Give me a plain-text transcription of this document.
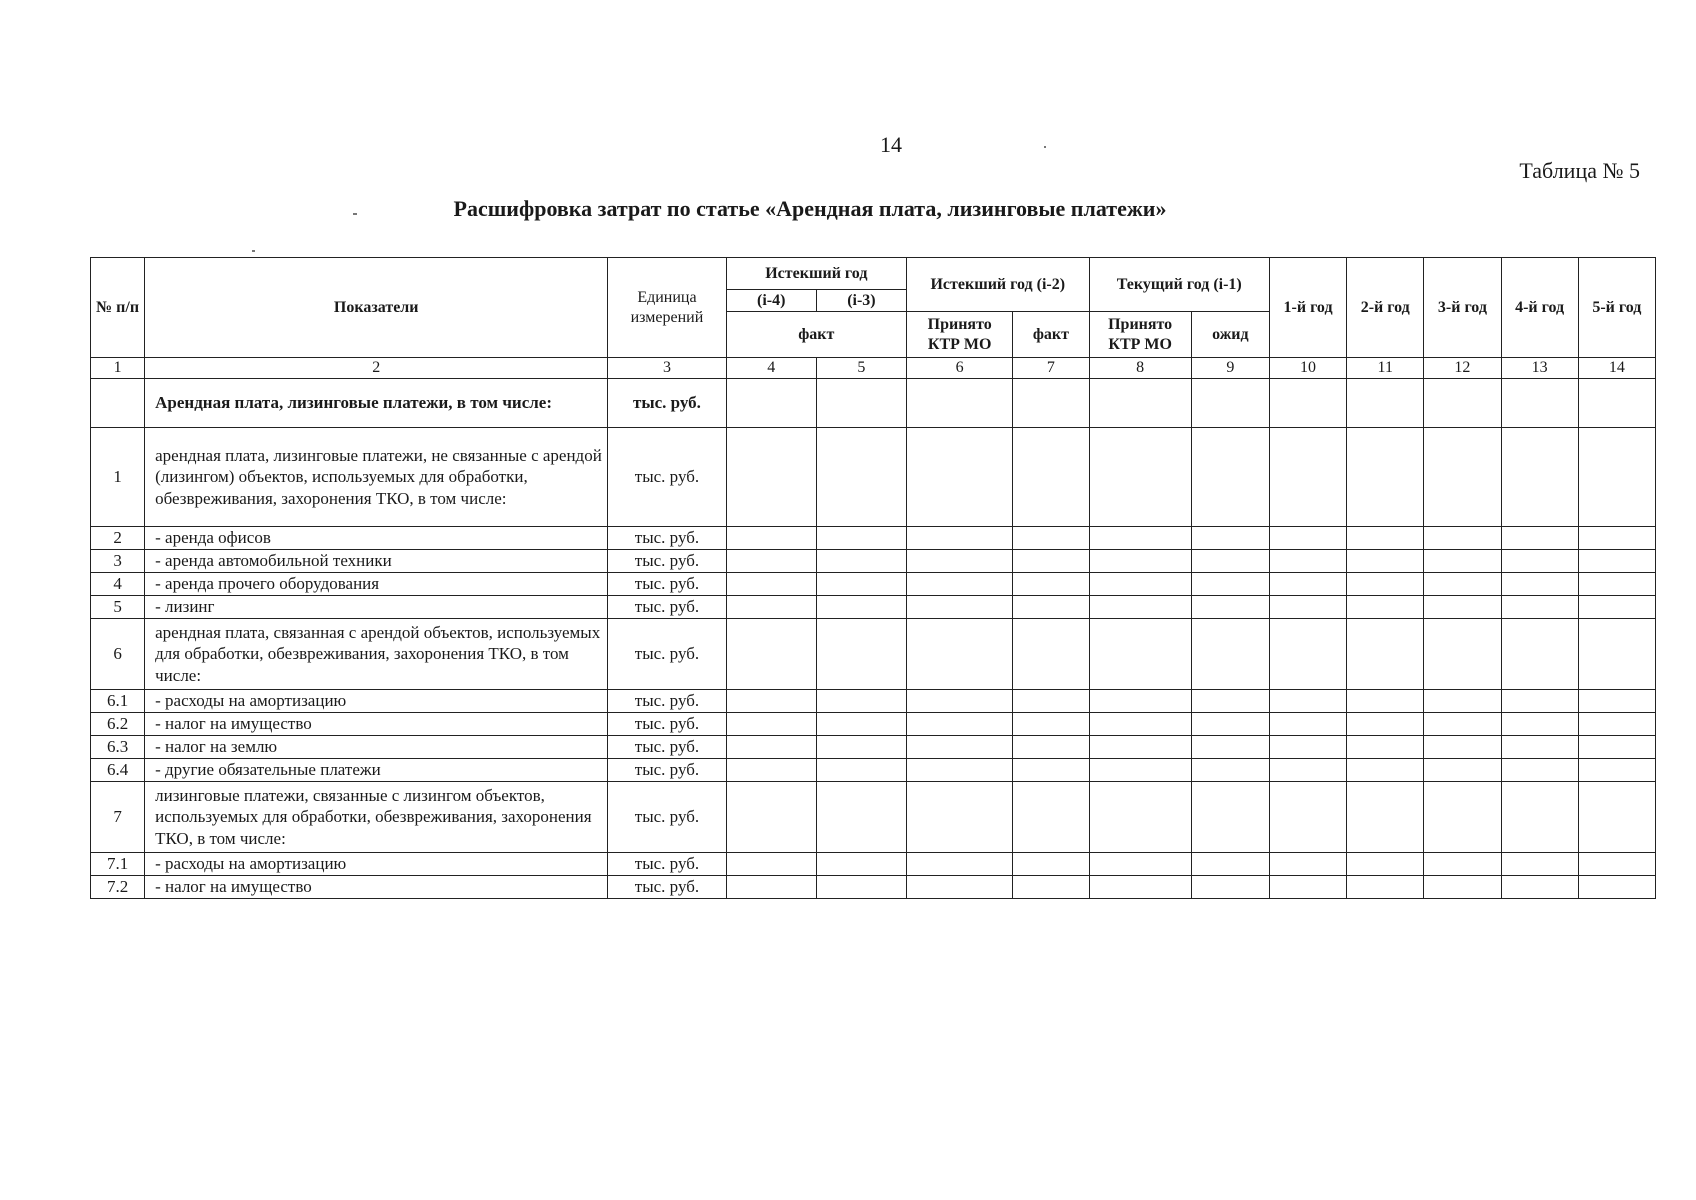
14
Таблица № 5
Расшифровка затрат по статье «Арендная плата, лизинговые платежи»
№ п/п	Показатели	Единица измерений	Истекший год		Истекший год (i-2)		Текущий год (i-1)		1-й год	2-й год	3-й год	4-й год	5-й год
			(i-4)	(i-3)									
			факт		Принято КТР МО	факт	Принято КТР МО	ожид					
1	2	3	4	5	6	7	8	9	10	11	12	13	14
	Арендная плата, лизинговые платежи, в том числе:	тыс. руб.											
1	арендная плата, лизинговые платежи, не связанные с арендой (лизингом) объектов, используемых для обработки, обезвреживания, захоронения ТКО, в том числе:	тыс. руб.											
2	- аренда офисов	тыс. руб.											
3	- аренда автомобильной техники	тыс. руб.											
4	- аренда прочего оборудования	тыс. руб.											
5	- лизинг	тыс. руб.											
6	арендная плата, связанная с арендой объектов, используемых для обработки, обезвреживания, захоронения ТКО, в том числе:	тыс. руб.											
6.1	- расходы на амортизацию	тыс. руб.											
6.2	- налог на имущество	тыс. руб.											
6.3	- налог на землю	тыс. руб.											
6.4	- другие обязательные платежи	тыс. руб.											
7	лизинговые платежи, связанные с лизингом объектов, используемых для обработки, обезвреживания, захоронения ТКО, в том числе:	тыс. руб.											
7.1	- расходы на амортизацию	тыс. руб.											
7.2	- налог на имущество	тыс. руб.											
